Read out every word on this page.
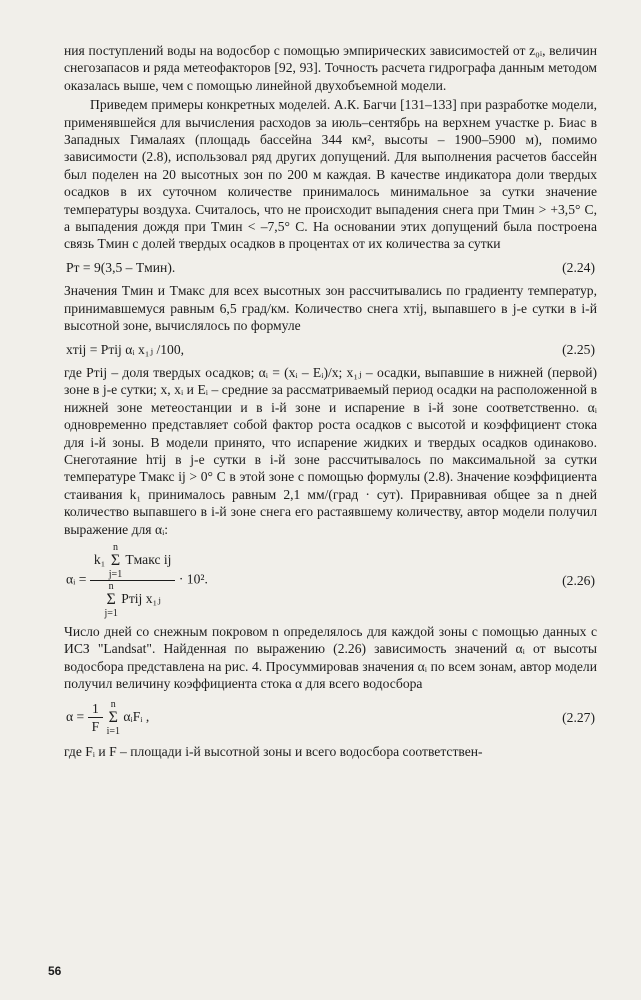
ния поступлений воды на водосбор с помощью эмпирических зависимостей от z₀ᵢ, величин снегозапасов и ряда метеофакторов [92, 93]. Точность расчета гидрографа данным методом оказалась выше, чем с помощью линейной двухобъемной модели.

Приведем примеры конкретных моделей. А.К. Багчи [131–133] при разработке модели, применявшейся для вычисления расходов за июль–сентябрь на верхнем участке р. Биас в Западных Гималаях (площадь бассейна 344 км², высоты – 1900–5900 м), помимо зависимости (2.8), использовал ряд других допущений. Для выполнения расчетов бассейн был поделен на 20 высотных зон по 200 м каждая. В качестве индикатора доли твердых осадков в их суточном количестве принималось минимальное за сутки значение температуры воздуха. Считалось, что не происходит выпадения снега при Tмин > +3,5° С, а выпадения дождя при Tмин < –7,5° С. На основании этих допущений была построена связь Tмин с долей твердых осадков в процентах от их количества за сутки

Pт = 9(3,5 – Tмин).	(2.24)

Значения Tмин и Tмакс для всех высотных зон рассчитывались по градиенту температур, принимавшемуся равным 6,5 град/км. Количество снега xтij, выпавшего в j-е сутки в i-й высотной зоне, вычислялось по формуле

xтij = Pтij αᵢ x₁ⱼ /100,	(2.25)

где Pтij – доля твердых осадков; αᵢ = (xᵢ – Eᵢ)/x; x₁ⱼ – осадки, выпавшие в нижней (первой) зоне в j-е сутки; x, xᵢ и Eᵢ – средние за рассматриваемый период осадки на расположенной в нижней зоне метеостанции и в i-й зоне и испарение в i-й зоне соответственно. αᵢ одновременно представляет собой фактор роста осадков с высотой и коэффициент стока для i-й зоны. В модели принято, что испарение жидких и твердых осадков одинаково. Снеготаяние hтij в j-е сутки в i-й зоне рассчитывалось по максимальной за сутки температуре Tмакс ij > 0° С в этой зоне с помощью формулы (2.8). Значение коэффициента стаивания k₁ принималось равным 2,1 мм/(град · сут). Приравнивая общее за n дней количество выпавшего в i-й зоне снега его растаявшему количеству, автор модели получил выражение для αᵢ:

αᵢ =
k₁
n
Σ
j=1
Tмакс ij
n
Σ
j=1
Pтij x₁ⱼ
· 10².	(2.26)

Число дней со снежным покровом n определялось для каждой зоны с помощью данных с ИСЗ "Landsat". Найденная по выражению (2.26) зависимость значений αᵢ от высоты водосбора представлена на рис. 4. Просуммировав значения αᵢ по всем зонам, автор модели получил величину коэффициента стока α для всего водосбора

$\alpha = \frac{1}{F}$
n
Σ
i=1
αᵢFᵢ ,	(2.27)

где Fᵢ и F – площади i-й высотной зоны и всего водосбора соответствен-

56
